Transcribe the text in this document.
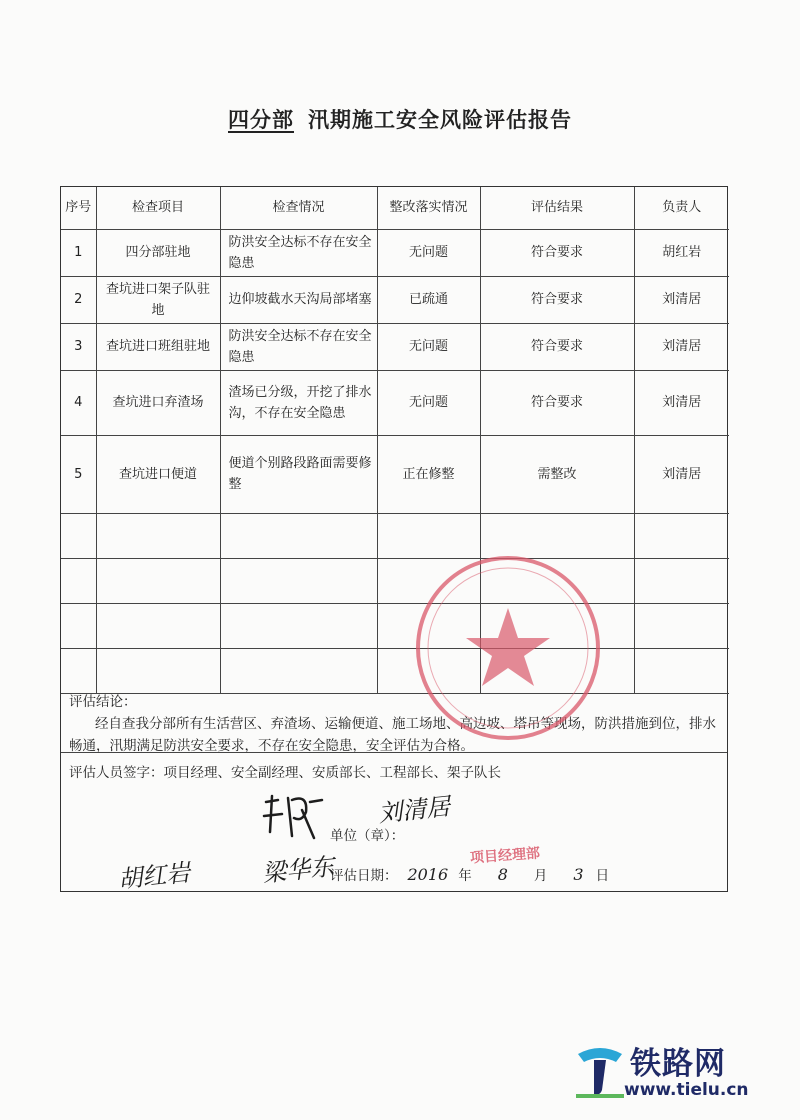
四分部 汛期施工安全风险评估报告
序号	检查项目	检查情况	整改落实情况	评估结果	负责人
1	四分部驻地	防洪安全达标不存在安全隐患	无问题	符合要求	胡红岩
2	查坑进口架子队驻地	边仰坡截水天沟局部堵塞	已疏通	符合要求	刘清居
3	查坑进口班组驻地	防洪安全达标不存在安全隐患	无问题	符合要求	刘清居
4	查坑进口弃渣场	渣场已分级，开挖了排水沟，不存在安全隐患	无问题	符合要求	刘清居
5	查坑进口便道	便道个别路段路面需要修整	正在修整	需整改	刘清居

评估结论：

经自查我分部所有生活营区、弃渣场、运输便道、施工场地、高边坡、塔吊等现场，防洪措施到位，排水畅通，汛期满足防洪安全要求，不存在安全隐患，安全评估为合格。

评估人员签字：项目经理、安全副经理、安质部长、工程部长、架子队长
项目经理部
刘清居
胡红岩	梁华东
单位（章）：
评估日期： 2016 年 8 月 3 日
铁路网
www.tielu.cn
